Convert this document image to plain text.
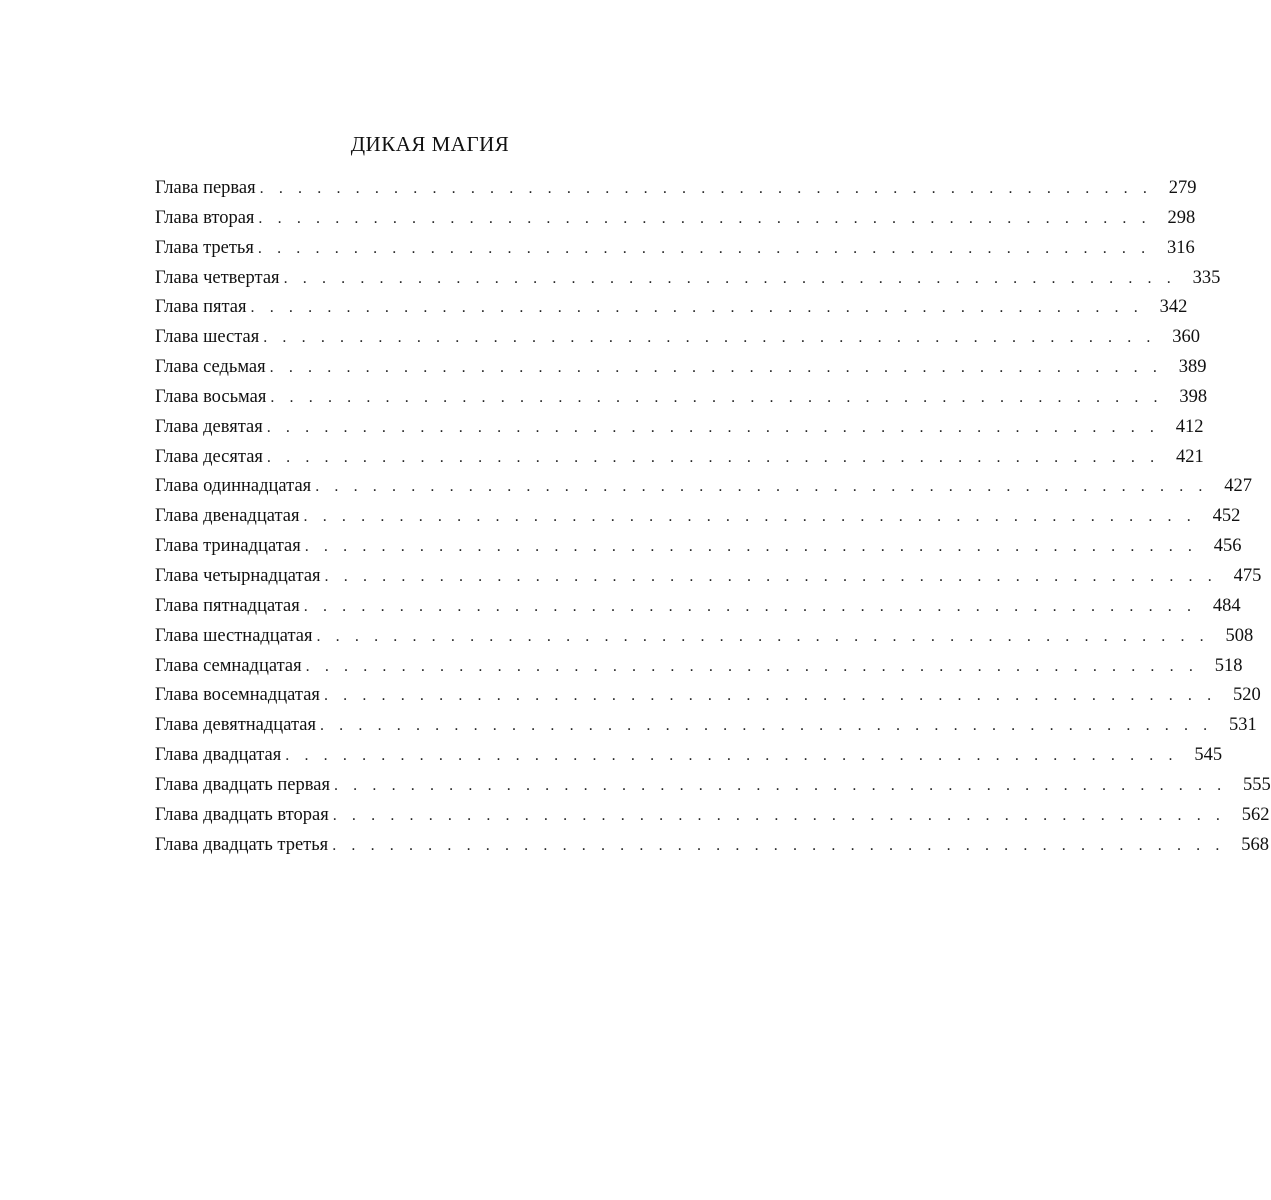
ДИКАЯ МАГИЯ
Глава первая . . . . . . . . . . . . . . . . . . . . . . . . . . . . . . . . . . . . . . . . . . . . . . . 279
Глава вторая . . . . . . . . . . . . . . . . . . . . . . . . . . . . . . . . . . . . . . . . . . . . . . . 298
Глава третья . . . . . . . . . . . . . . . . . . . . . . . . . . . . . . . . . . . . . . . . . . . . . . . 316
Глава четвертая . . . . . . . . . . . . . . . . . . . . . . . . . . . . . . . . . . . . . . . . . . . . . . . 335
Глава пятая . . . . . . . . . . . . . . . . . . . . . . . . . . . . . . . . . . . . . . . . . . . . . . . 342
Глава шестая . . . . . . . . . . . . . . . . . . . . . . . . . . . . . . . . . . . . . . . . . . . . . . . 360
Глава седьмая . . . . . . . . . . . . . . . . . . . . . . . . . . . . . . . . . . . . . . . . . . . . . . . 389
Глава восьмая . . . . . . . . . . . . . . . . . . . . . . . . . . . . . . . . . . . . . . . . . . . . . . . 398
Глава девятая . . . . . . . . . . . . . . . . . . . . . . . . . . . . . . . . . . . . . . . . . . . . . . . 412
Глава десятая . . . . . . . . . . . . . . . . . . . . . . . . . . . . . . . . . . . . . . . . . . . . . . . 421
Глава одиннадцатая . . . . . . . . . . . . . . . . . . . . . . . . . . . . . . . . . . . . . . . . . . . . . . . 427
Глава двенадцатая . . . . . . . . . . . . . . . . . . . . . . . . . . . . . . . . . . . . . . . . . . . . . . . 452
Глава тринадцатая . . . . . . . . . . . . . . . . . . . . . . . . . . . . . . . . . . . . . . . . . . . . . . . 456
Глава четырнадцатая . . . . . . . . . . . . . . . . . . . . . . . . . . . . . . . . . . . . . . . . . . . . . . . 475
Глава пятнадцатая . . . . . . . . . . . . . . . . . . . . . . . . . . . . . . . . . . . . . . . . . . . . . . . 484
Глава шестнадцатая . . . . . . . . . . . . . . . . . . . . . . . . . . . . . . . . . . . . . . . . . . . . . . . 508
Глава семнадцатая . . . . . . . . . . . . . . . . . . . . . . . . . . . . . . . . . . . . . . . . . . . . . . . 518
Глава восемнадцатая . . . . . . . . . . . . . . . . . . . . . . . . . . . . . . . . . . . . . . . . . . . . . . . 520
Глава девятнадцатая . . . . . . . . . . . . . . . . . . . . . . . . . . . . . . . . . . . . . . . . . . . . . . . 531
Глава двадцатая . . . . . . . . . . . . . . . . . . . . . . . . . . . . . . . . . . . . . . . . . . . . . . . 545
Глава двадцать первая . . . . . . . . . . . . . . . . . . . . . . . . . . . . . . . . . . . . . . . . . . . . . . . 555
Глава двадцать вторая . . . . . . . . . . . . . . . . . . . . . . . . . . . . . . . . . . . . . . . . . . . . . . . 562
Глава двадцать третья . . . . . . . . . . . . . . . . . . . . . . . . . . . . . . . . . . . . . . . . . . . . . . . 568
